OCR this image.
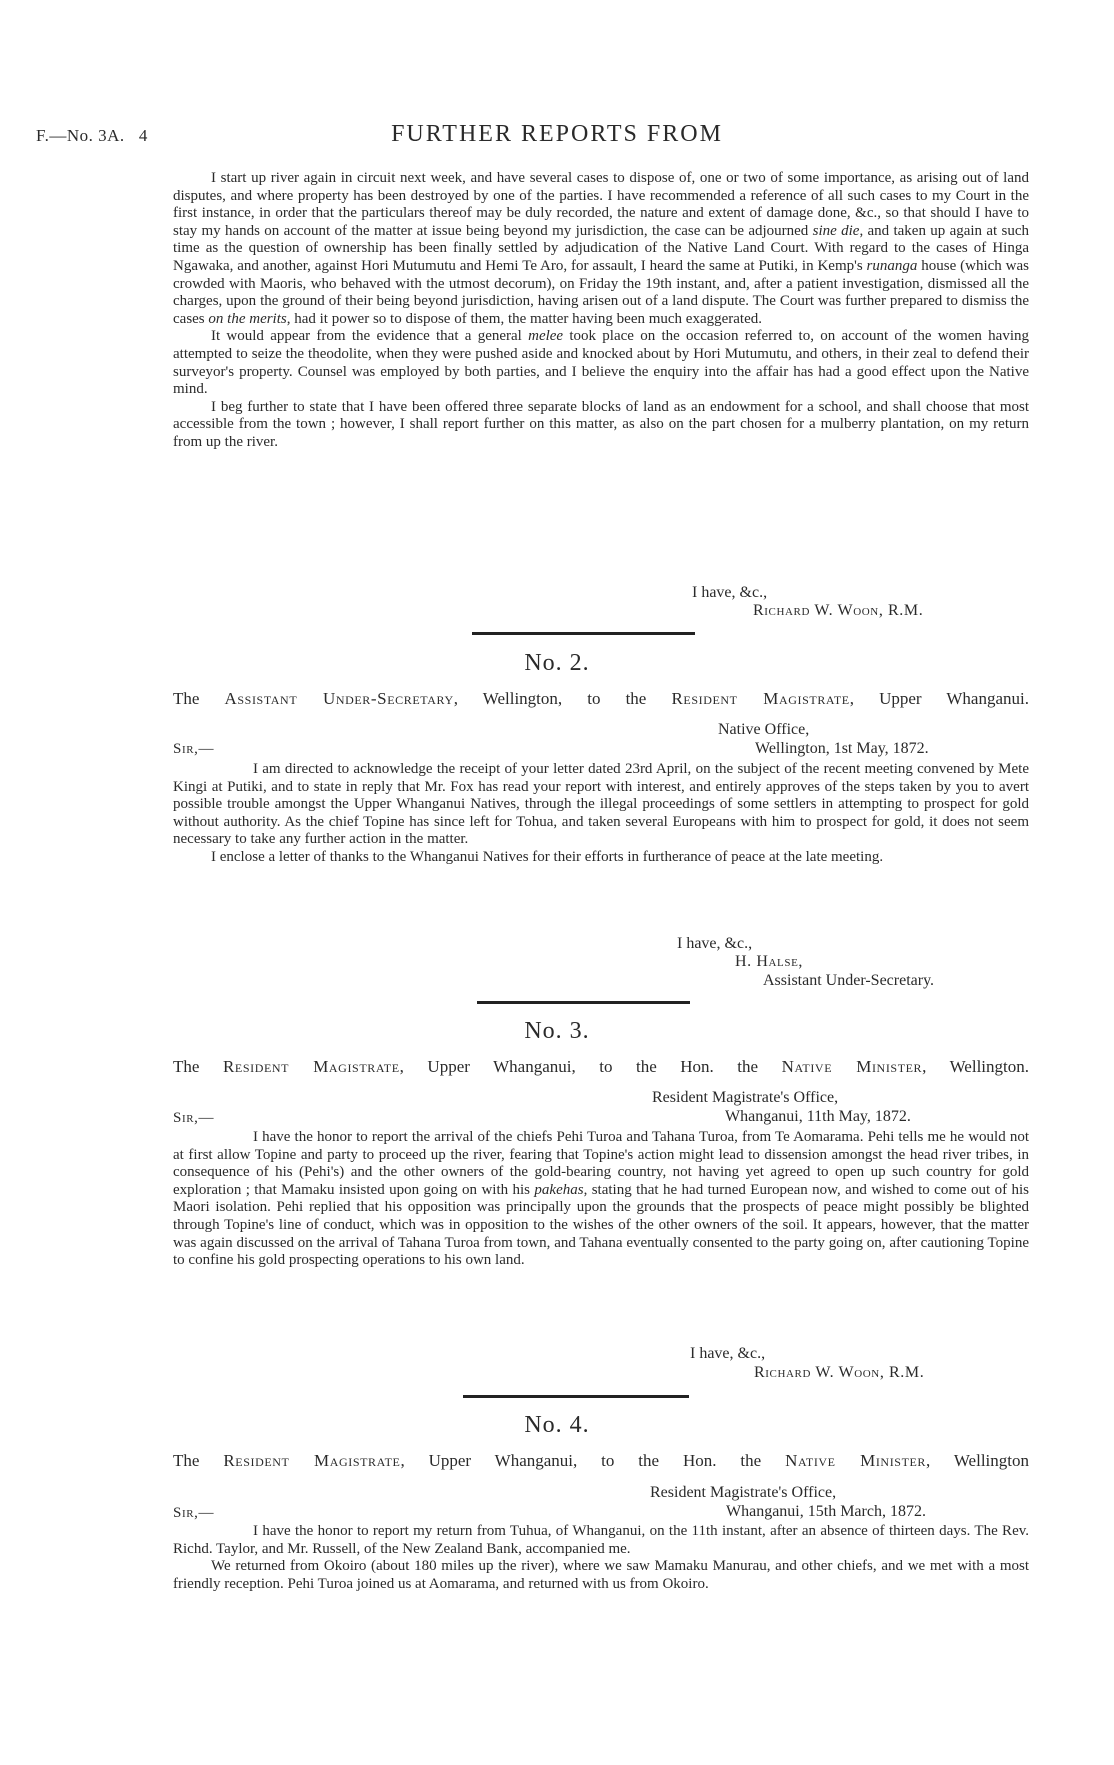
F.—No. 3A. 4	FURTHER REPORTS FROM

I start up river again in circuit next week, and have several cases to dispose of, one or two of some importance, as arising out of land disputes, and where property has been destroyed by one of the parties. I have recommended a reference of all such cases to my Court in the first instance, in order that the particulars thereof may be duly recorded, the nature and extent of damage done, &c., so that should I have to stay my hands on account of the matter at issue being beyond my jurisdiction, the case can be adjourned sine die, and taken up again at such time as the question of ownership has been finally settled by adjudication of the Native Land Court. With regard to the cases of Hinga Ngawaka, and another, against Hori Mutumutu and Hemi Te Aro, for assault, I heard the same at Putiki, in Kemp's runanga house (which was crowded with Maoris, who behaved with the utmost decorum), on Friday the 19th instant, and, after a patient investigation, dismissed all the charges, upon the ground of their being beyond jurisdiction, having arisen out of a land dispute. The Court was further prepared to dismiss the cases on the merits, had it power so to dispose of them, the matter having been much exaggerated.

It would appear from the evidence that a general melee took place on the occasion referred to, on account of the women having attempted to seize the theodolite, when they were pushed aside and knocked about by Hori Mutumutu, and others, in their zeal to defend their surveyor's property. Counsel was employed by both parties, and I believe the enquiry into the affair has had a good effect upon the Native mind.

I beg further to state that I have been offered three separate blocks of land as an endowment for a school, and shall choose that most accessible from the town ; however, I shall report further on this matter, as also on the part chosen for a mulberry plantation, on my return from up the river.

I have, &c.,
Richard W. Woon, R.M.
No. 2.
The Assistant Under-Secretary, Wellington, to the Resident Magistrate, Upper Whanganui.
Native Office,
Sir,—	Wellington, 1st May, 1872.

I am directed to acknowledge the receipt of your letter dated 23rd April, on the subject of the recent meeting convened by Mete Kingi at Putiki, and to state in reply that Mr. Fox has read your report with interest, and entirely approves of the steps taken by you to avert possible trouble amongst the Upper Whanganui Natives, through the illegal proceedings of some settlers in attempting to prospect for gold without authority. As the chief Topine has since left for Tohua, and taken several Europeans with him to prospect for gold, it does not seem necessary to take any further action in the matter.

I enclose a letter of thanks to the Whanganui Natives for their efforts in furtherance of peace at the late meeting.

I have, &c.,
H. Halse,
Assistant Under-Secretary.
No. 3.
The Resident Magistrate, Upper Whanganui, to the Hon. the Native Minister, Wellington.
Resident Magistrate's Office,
Sir,—	Whanganui, 11th May, 1872.

I have the honor to report the arrival of the chiefs Pehi Turoa and Tahana Turoa, from Te Aomarama. Pehi tells me he would not at first allow Topine and party to proceed up the river, fearing that Topine's action might lead to dissension amongst the head river tribes, in consequence of his (Pehi's) and the other owners of the gold-bearing country, not having yet agreed to open up such country for gold exploration ; that Mamaku insisted upon going on with his pakehas, stating that he had turned European now, and wished to come out of his Maori isolation. Pehi replied that his opposition was principally upon the grounds that the prospects of peace might possibly be blighted through Topine's line of conduct, which was in opposition to the wishes of the other owners of the soil. It appears, however, that the matter was again discussed on the arrival of Tahana Turoa from town, and Tahana eventually consented to the party going on, after cautioning Topine to confine his gold prospecting operations to his own land.

I have, &c.,
Richard W. Woon, R.M.
No. 4.
The Resident Magistrate, Upper Whanganui, to the Hon. the Native Minister, Wellington
Resident Magistrate's Office,
Sir,—	Whanganui, 15th March, 1872.

I have the honor to report my return from Tuhua, of Whanganui, on the 11th instant, after an absence of thirteen days. The Rev. Richd. Taylor, and Mr. Russell, of the New Zealand Bank, accompanied me.

We returned from Okoiro (about 180 miles up the river), where we saw Mamaku Manurau, and other chiefs, and we met with a most friendly reception. Pehi Turoa joined us at Aomarama, and returned with us from Okoiro.
